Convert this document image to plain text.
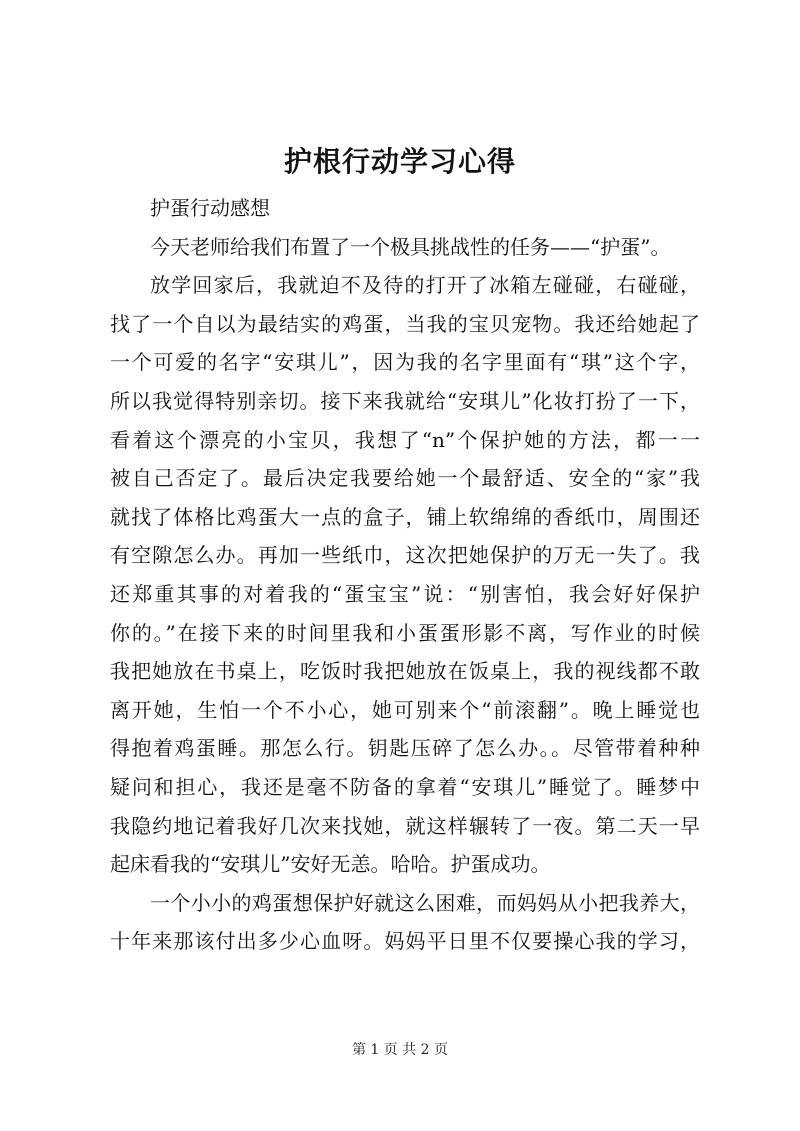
护根行动学习心得
护蛋行动感想
今天老师给我们布置了一个极具挑战性的任务——“护蛋”。
放学回家后，我就迫不及待的打开了冰箱左碰碰，右碰碰，
找了一个自以为最结实的鸡蛋，当我的宝贝宠物。我还给她起了
一个可爱的名字“安琪儿”，因为我的名字里面有“琪”这个字，
所以我觉得特别亲切。接下来我就给“安琪儿”化妆打扮了一下，
看着这个漂亮的小宝贝，我想了“n”个保护她的方法，都一一
被自己否定了。最后决定我要给她一个最舒适、安全的“家”我
就找了体格比鸡蛋大一点的盒子，铺上软绵绵的香纸巾，周围还
有空隙怎么办。再加一些纸巾，这次把她保护的万无一失了。我
还郑重其事的对着我的“蛋宝宝”说：“别害怕，我会好好保护
你的。”在接下来的时间里我和小蛋蛋形影不离，写作业的时候
我把她放在书桌上，吃饭时我把她放在饭桌上，我的视线都不敢
离开她，生怕一个不小心，她可别来个“前滚翻”。晚上睡觉也
得抱着鸡蛋睡。那怎么行。钥匙压碎了怎么办。。尽管带着种种
疑问和担心，我还是毫不防备的拿着“安琪儿”睡觉了。睡梦中
我隐约地记着我好几次来找她，就这样辗转了一夜。第二天一早
起床看我的“安琪儿”安好无恙。哈哈。护蛋成功。
一个小小的鸡蛋想保护好就这么困难，而妈妈从小把我养大，
十年来那该付出多少心血呀。妈妈平日里不仅要操心我的学习，
第 1 页 共 2 页
